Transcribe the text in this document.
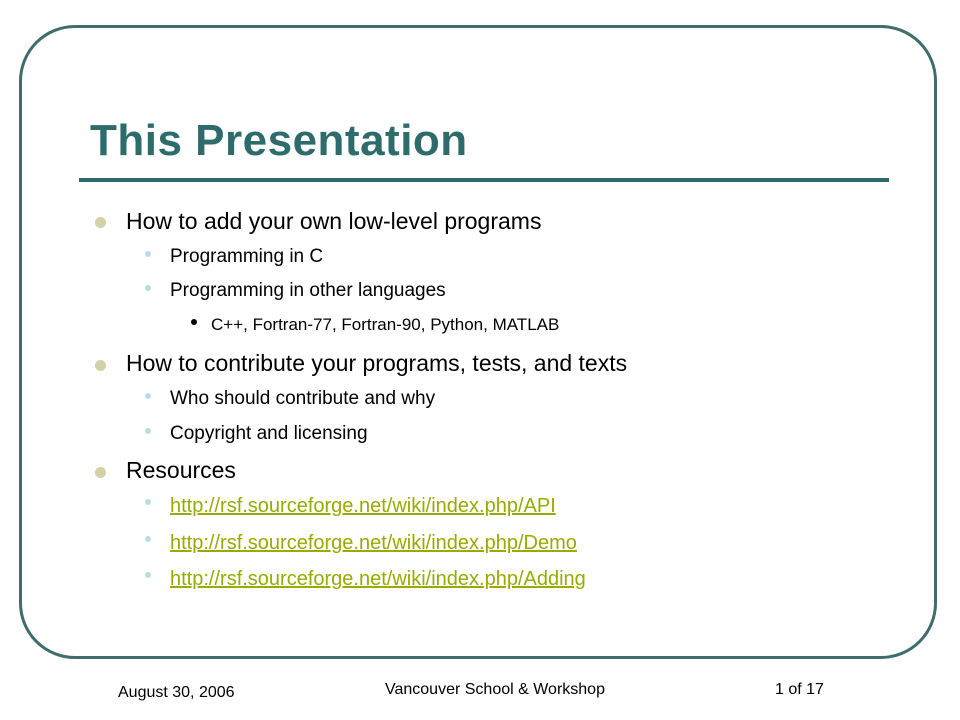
This Presentation
How to add your own low-level programs
Programming in C
Programming in other languages
C++, Fortran-77, Fortran-90, Python, MATLAB
How to contribute your programs, tests, and texts
Who should contribute and why
Copyright and licensing
Resources
http://rsf.sourceforge.net/wiki/index.php/API
http://rsf.sourceforge.net/wiki/index.php/Demo
http://rsf.sourceforge.net/wiki/index.php/Adding
August 30, 2006	Vancouver School & Workshop	1 of 17
